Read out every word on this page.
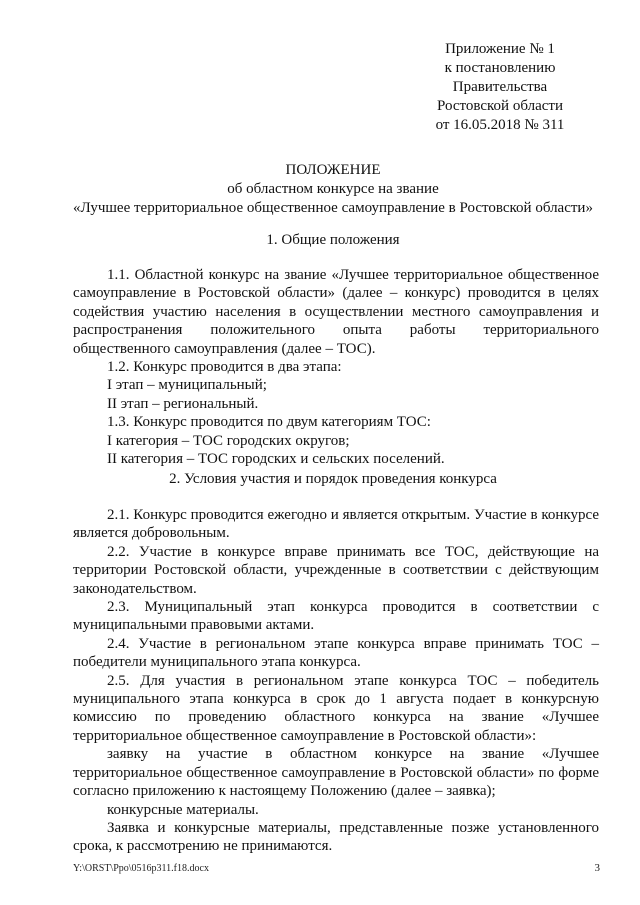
Приложение № 1
к постановлению
Правительства
Ростовской области
от 16.05.2018 № 311
ПОЛОЖЕНИЕ
об областном конкурсе на звание
«Лучшее территориальное общественное самоуправление в Ростовской области»
1. Общие положения

1.1. Областной конкурс на звание «Лучшее территориальное общественное самоуправление в Ростовской области» (далее – конкурс) проводится в целях содействия участию населения в осуществлении местного самоуправления и распространения положительного опыта работы территориального общественного самоуправления (далее – ТОС).

1.2. Конкурс проводится в два этапа:

I этап – муниципальный;

II этап – региональный.

1.3. Конкурс проводится по двум категориям ТОС:

I категория – ТОС городских округов;

II категория – ТОС городских и сельских поселений.

2. Условия участия и порядок проведения конкурса

2.1. Конкурс проводится ежегодно и является открытым. Участие в конкурсе является добровольным.

2.2. Участие в конкурсе вправе принимать все ТОС, действующие на территории Ростовской области, учрежденные в соответствии с действующим законодательством.

2.3. Муниципальный этап конкурса проводится в соответствии с муниципальными правовыми актами.

2.4. Участие в региональном этапе конкурса вправе принимать ТОС – победители муниципального этапа конкурса.

2.5. Для участия в региональном этапе конкурса ТОС – победитель муниципального этапа конкурса в срок до 1 августа подает в конкурсную комиссию по проведению областного конкурса на звание «Лучшее территориальное общественное самоуправление в Ростовской области»:

заявку на участие в областном конкурсе на звание «Лучшее территориальное общественное самоуправление в Ростовской области» по форме согласно приложению к настоящему Положению (далее – заявка);

конкурсные материалы.

Заявка и конкурсные материалы, представленные позже установленного срока, к рассмотрению не принимаются.

Y:\ORST\Ppo\0516p311.f18.docx	3
